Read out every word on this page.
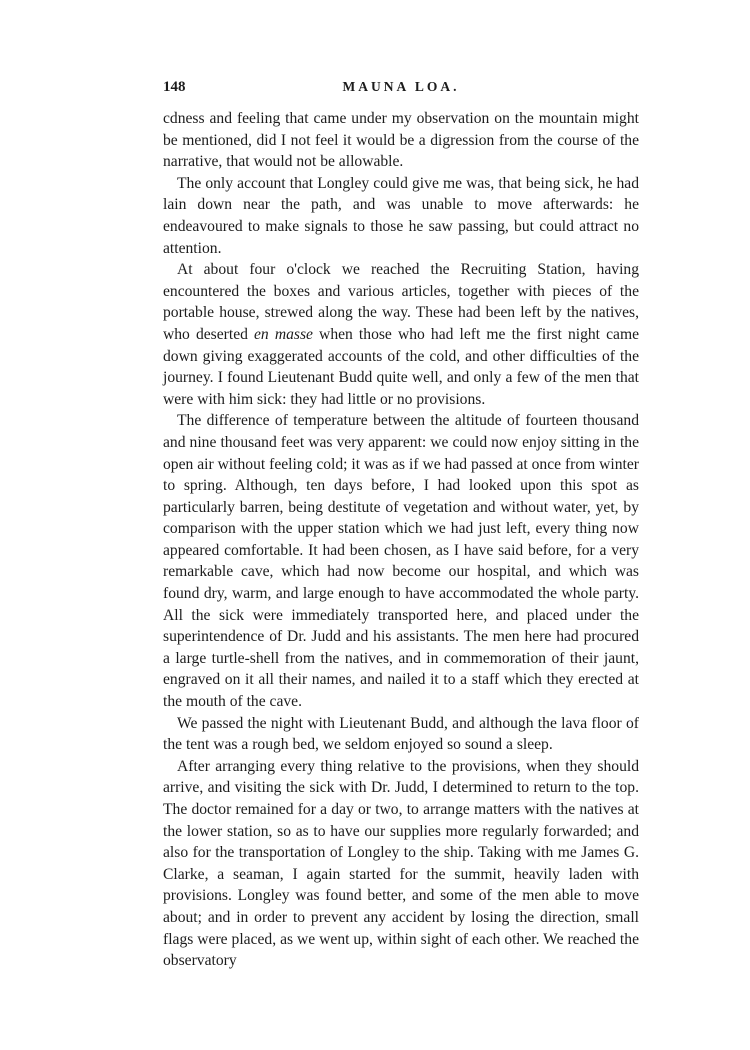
148	MAUNA LOA.

cdness and feeling that came under my observation on the mountain might be mentioned, did I not feel it would be a digression from the course of the narrative, that would not be allowable.

The only account that Longley could give me was, that being sick, he had lain down near the path, and was unable to move afterwards: he endeavoured to make signals to those he saw passing, but could attract no attention.

At about four o'clock we reached the Recruiting Station, having encountered the boxes and various articles, together with pieces of the portable house, strewed along the way. These had been left by the natives, who deserted en masse when those who had left me the first night came down giving exaggerated accounts of the cold, and other difficulties of the journey. I found Lieutenant Budd quite well, and only a few of the men that were with him sick: they had little or no provisions.

The difference of temperature between the altitude of fourteen thousand and nine thousand feet was very apparent: we could now enjoy sitting in the open air without feeling cold; it was as if we had passed at once from winter to spring. Although, ten days before, I had looked upon this spot as particularly barren, being destitute of vegetation and without water, yet, by comparison with the upper station which we had just left, every thing now appeared comfortable. It had been chosen, as I have said before, for a very remarkable cave, which had now become our hospital, and which was found dry, warm, and large enough to have accommodated the whole party. All the sick were immediately transported here, and placed under the superintendence of Dr. Judd and his assistants. The men here had procured a large turtle-shell from the natives, and in commemoration of their jaunt, engraved on it all their names, and nailed it to a staff which they erected at the mouth of the cave.

We passed the night with Lieutenant Budd, and although the lava floor of the tent was a rough bed, we seldom enjoyed so sound a sleep.

After arranging every thing relative to the provisions, when they should arrive, and visiting the sick with Dr. Judd, I determined to return to the top. The doctor remained for a day or two, to arrange matters with the natives at the lower station, so as to have our supplies more regularly forwarded; and also for the transportation of Longley to the ship. Taking with me James G. Clarke, a seaman, I again started for the summit, heavily laden with provisions. Longley was found better, and some of the men able to move about; and in order to prevent any accident by losing the direction, small flags were placed, as we went up, within sight of each other. We reached the observatory
